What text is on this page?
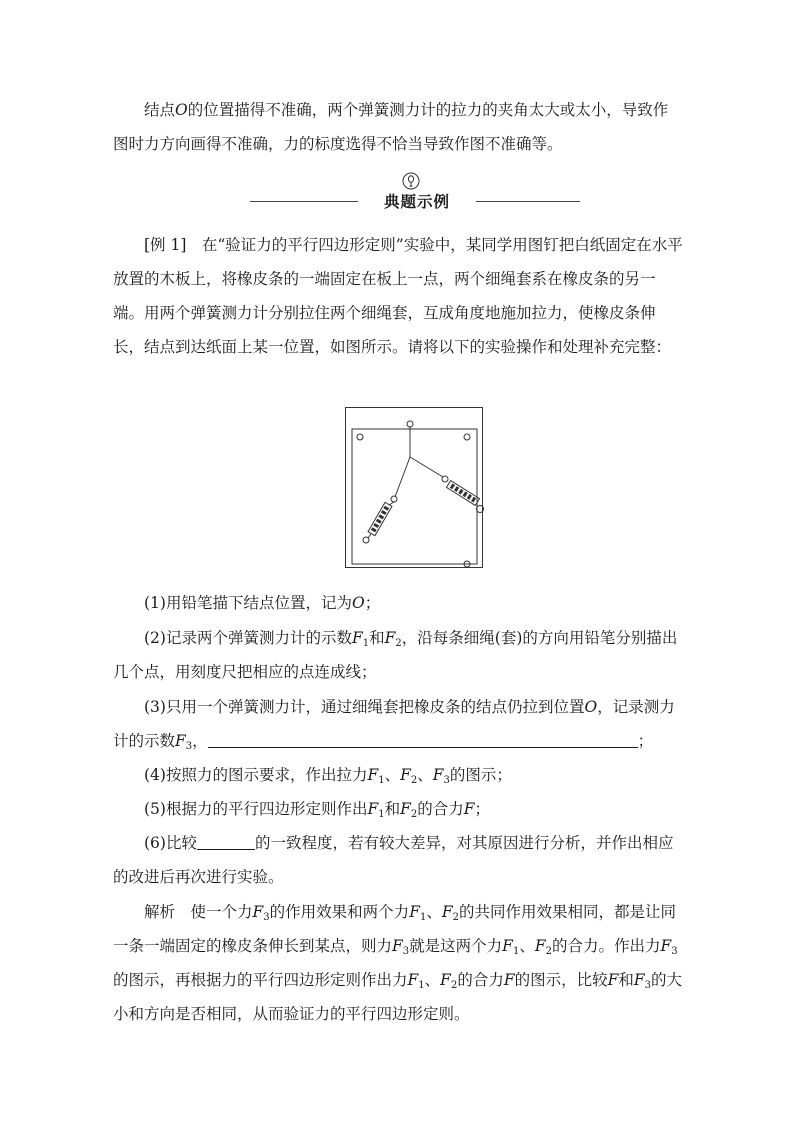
结点O的位置描得不准确，两个弹簧测力计的拉力的夹角太大或太小，导致作图时力方向画得不准确，力的标度选得不恰当导致作图不准确等。

典题示例

[例 1]　在“验证力的平行四边形定则”实验中，某同学用图钉把白纸固定在水平放置的木板上，将橡皮条的一端固定在板上一点，两个细绳套系在橡皮条的另一端。用两个弹簧测力计分别拉住两个细绳套，互成角度地施加拉力，使橡皮条伸长，结点到达纸面上某一位置，如图所示。请将以下的实验操作和处理补充完整：

(1)用铅笔描下结点位置，记为O；

(2)记录两个弹簧测力计的示数$F_1$和$F_2$，沿每条细绳(套)的方向用铅笔分别描出几个点，用刻度尺把相应的点连成线；

(3)只用一个弹簧测力计，通过细绳套把橡皮条的结点仍拉到位置O，记录测力计的示数$F_3$，	；

(4)按照力的图示要求，作出拉力$F_1$、$F_2$、$F_3$的图示；

(5)根据力的平行四边形定则作出$F_1$和$F_2$的合力F；

(6)比较	的一致程度，若有较大差异，对其原因进行分析，并作出相应的改进后再次进行实验。

解析　使一个力$F_3$的作用效果和两个力$F_1$、$F_2$的共同作用效果相同，都是让同一条一端固定的橡皮条伸长到某点，则力$F_3$就是这两个力$F_1$、$F_2$的合力。作出力$F_3$的图示，再根据力的平行四边形定则作出力$F_1$、$F_2$的合力F的图示，比较F和$F_3$的大小和方向是否相同，从而验证力的平行四边形定则。
